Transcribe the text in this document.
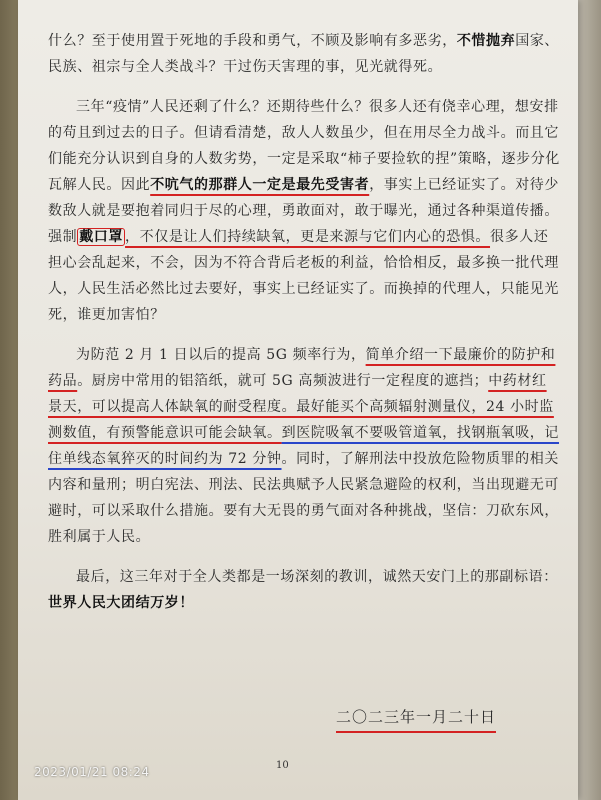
什么？至于使用置于死地的手段和勇气，不顾及影响有多恶劣，不惜抛弃国家、民族、祖宗与全人类战斗？干过伤天害理的事，见光就得死。

三年“疫情”人民还剩了什么？还期待些什么？很多人还有侥幸心理，想安排的苟且到过去的日子。但请看清楚，敌人人数虽少，但在用尽全力战斗。而且它们能充分认识到自身的人数劣势，一定是采取“柿子要捡软的捏”策略，逐步分化瓦解人民。因此不吭气的那群人一定是最先受害者，事实上已经证实了。对待少数敌人就是要抱着同归于尽的心理，勇敢面对，敢于曝光，通过各种渠道传播。强制 戴口罩 ，不仅是让人们持续缺氧，更是来源与它们内心的恐惧。很多人还担心会乱起来，不会，因为不符合背后老板的利益，恰恰相反，最多换一批代理人，人民生活必然比过去要好，事实上已经证实了。而换掉的代理人，只能见光死，谁更加害怕？

为防范 2 月 1 日以后的提高 5G 频率行为，简单介绍一下最廉价的防护和药品。厨房中常用的铝箔纸，就可 5G 高频波进行一定程度的遮挡；中药材红景天，可以提高人体缺氧的耐受程度。最好能买个高频辐射测量仪，24 小时监测数值，有预警能意识可能会缺氧。到医院吸氧不要吸管道氧，找钢瓶氧吸，记住单线态氧猝灭的时间约为 72 分钟。同时，了解刑法中投放危险物质罪的相关内容和量刑；明白宪法、刑法、民法典赋予人民紧急避险的权利，当出现避无可避时，可以采取什么措施。要有大无畏的勇气面对各种挑战，坚信：刀砍东风，胜利属于人民。

最后，这三年对于全人类都是一场深刻的教训，诚然天安门上的那副标语：世界人民大团结万岁！

二〇二三年一月二十日
10
2023/01/21 08:24
